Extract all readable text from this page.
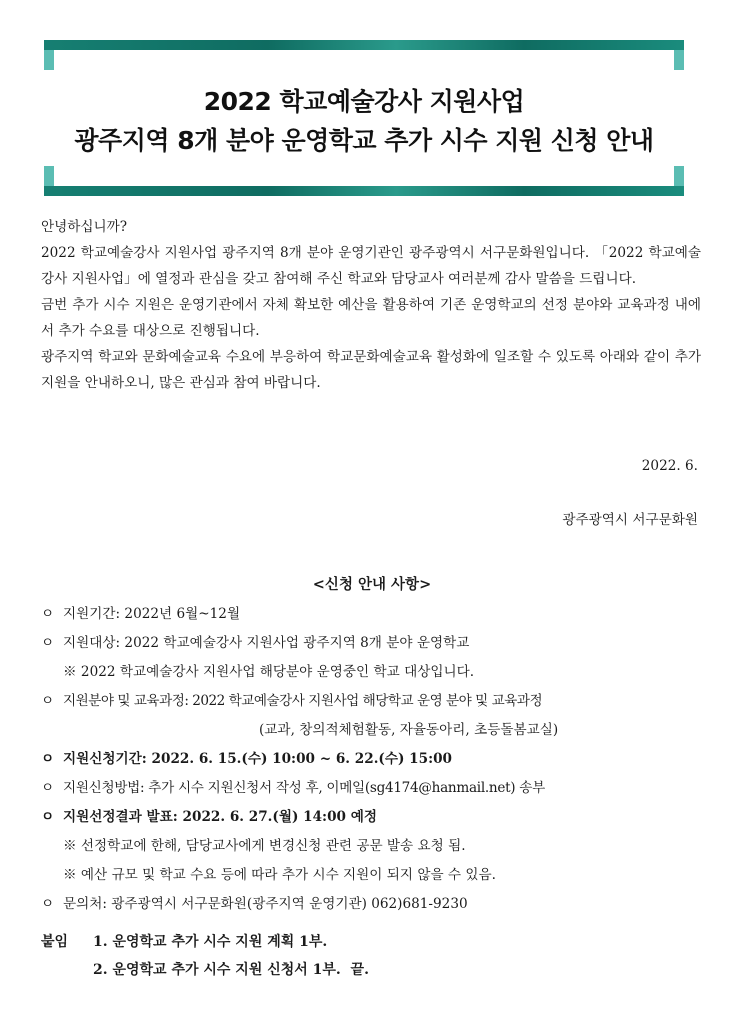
2022 학교예술강사 지원사업
광주지역 8개 분야 운영학교 추가 시수 지원 신청 안내

안녕하십니까?

2022 학교예술강사 지원사업 광주지역 8개 분야 운영기관인 광주광역시 서구문화원입니다. 「2022 학교예술강사 지원사업」에 열정과 관심을 갖고 참여해 주신 학교와 담당교사 여러분께 감사 말씀을 드립니다.

금번 추가 시수 지원은 운영기관에서 자체 확보한 예산을 활용하여 기존 운영학교의 선정 분야와 교육과정 내에서 추가 수요를 대상으로 진행됩니다.

광주지역 학교와 문화예술교육 수요에 부응하여 학교문화예술교육 활성화에 일조할 수 있도록 아래와 같이 추가 지원을 안내하오니, 많은 관심과 참여 바랍니다.

2022. 6.
광주광역시 서구문화원
<신청 안내 사항>
ㅇ 지원기간: 2022년 6월~12월
ㅇ 지원대상: 2022 학교예술강사 지원사업 광주지역 8개 분야 운영학교
※ 2022 학교예술강사 지원사업 해당분야 운영중인 학교 대상입니다.
ㅇ 지원분야 및 교육과정: 2022 학교예술강사 지원사업 해당학교 운영 분야 및 교육과정
(교과, 창의적체험활동, 자율동아리, 초등돌봄교실)
ㅇ 지원신청기간: 2022. 6. 15.(수) 10:00 ~ 6. 22.(수) 15:00
ㅇ 지원신청방법: 추가 시수 지원신청서 작성 후, 이메일(sg4174@hanmail.net) 송부
ㅇ 지원선정결과 발표: 2022. 6. 27.(월) 14:00 예정
※ 선정학교에 한해, 담당교사에게 변경신청 관련 공문 발송 요청 됨.
※ 예산 규모 및 학교 수요 등에 따라 추가 시수 지원이 되지 않을 수 있음.
ㅇ 문의처: 광주광역시 서구문화원(광주지역 운영기관) 062)681-9230
붙임 1. 운영학교 추가 시수 지원 계획 1부.
2. 운영학교 추가 시수 지원 신청서 1부.  끝.
